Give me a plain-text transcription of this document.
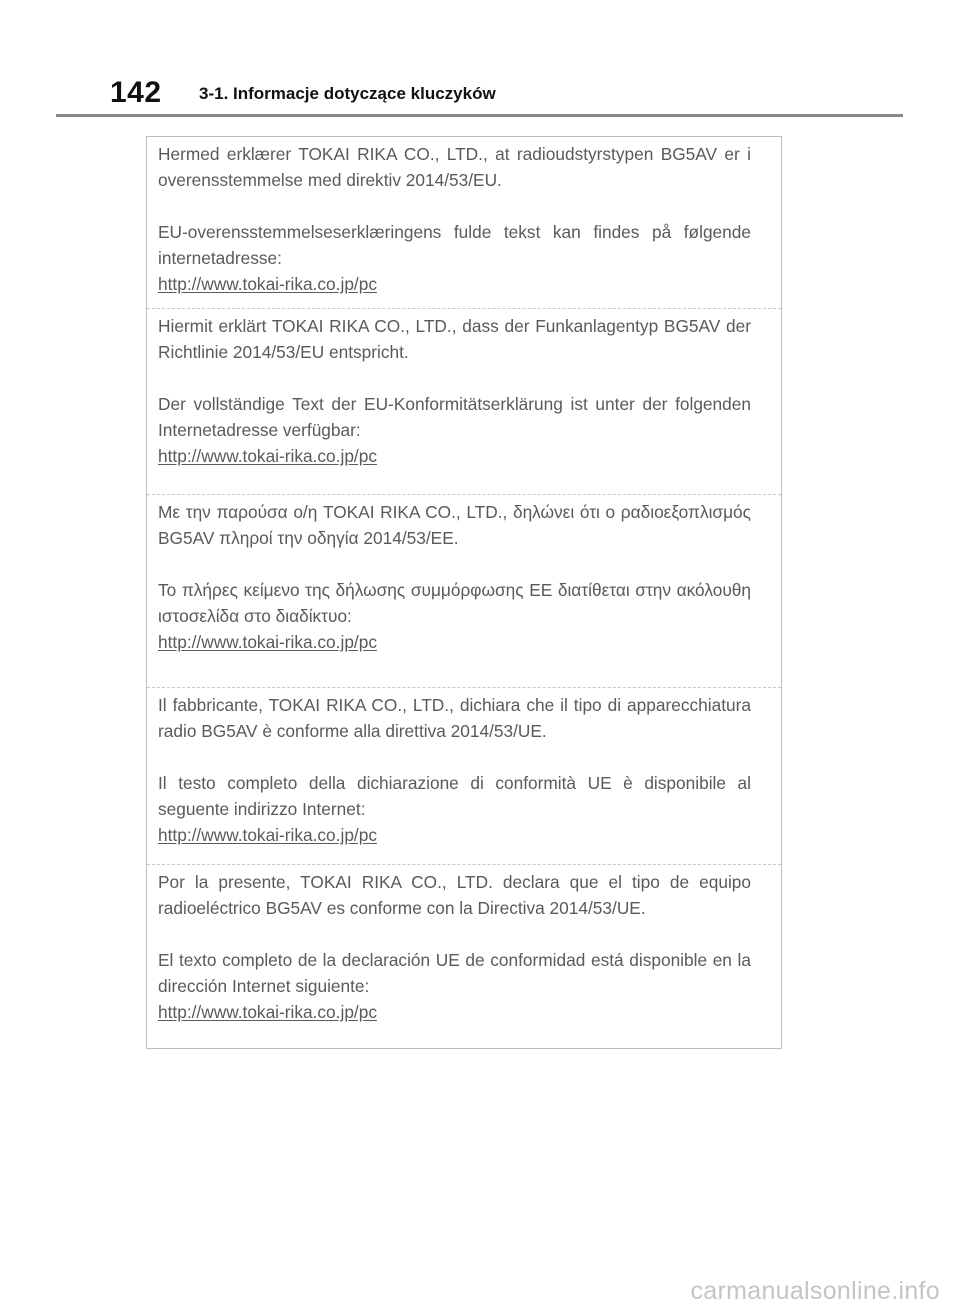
142 3-1. Informacje dotyczące kluczyków

Hermed erklærer TOKAI RIKA CO., LTD., at radioudstyrstypen BG5AV er i overensstemmelse med direktiv 2014/53/EU.

EU-overensstemmelseserklæringens fulde tekst kan findes på følgende internetadresse:

http://www.tokai-rika.co.jp/pc

Hiermit erklärt TOKAI RIKA CO., LTD., dass der Funkanlagentyp BG5AV der Richtlinie 2014/53/EU entspricht.

Der vollständige Text der EU-Konformitätserklärung ist unter der folgenden Internetadresse verfügbar:

http://www.tokai-rika.co.jp/pc

Με την παρούσα ο/η TOKAI RIKA CO., LTD., δηλώνει ότι ο ραδιοεξοπλισμός BG5AV πληροί την οδηγία 2014/53/ΕΕ.

Το πλήρες κείμενο της δήλωσης συμμόρφωσης ΕΕ διατίθεται στην ακόλουθη ιστοσελίδα στο διαδίκτυο:

http://www.tokai-rika.co.jp/pc

Il fabbricante, TOKAI RIKA CO., LTD., dichiara che il tipo di apparecchiatura radio BG5AV è conforme alla direttiva 2014/53/UE.

Il testo completo della dichiarazione di conformità UE è disponibile al seguente indirizzo Internet:

http://www.tokai-rika.co.jp/pc

Por la presente, TOKAI RIKA CO., LTD. declara que el tipo de equipo radioeléctrico BG5AV es conforme con la Directiva 2014/53/UE.

El texto completo de la declaración UE de conformidad está disponible en la dirección Internet siguiente:

http://www.tokai-rika.co.jp/pc
carmanualsonline.info
